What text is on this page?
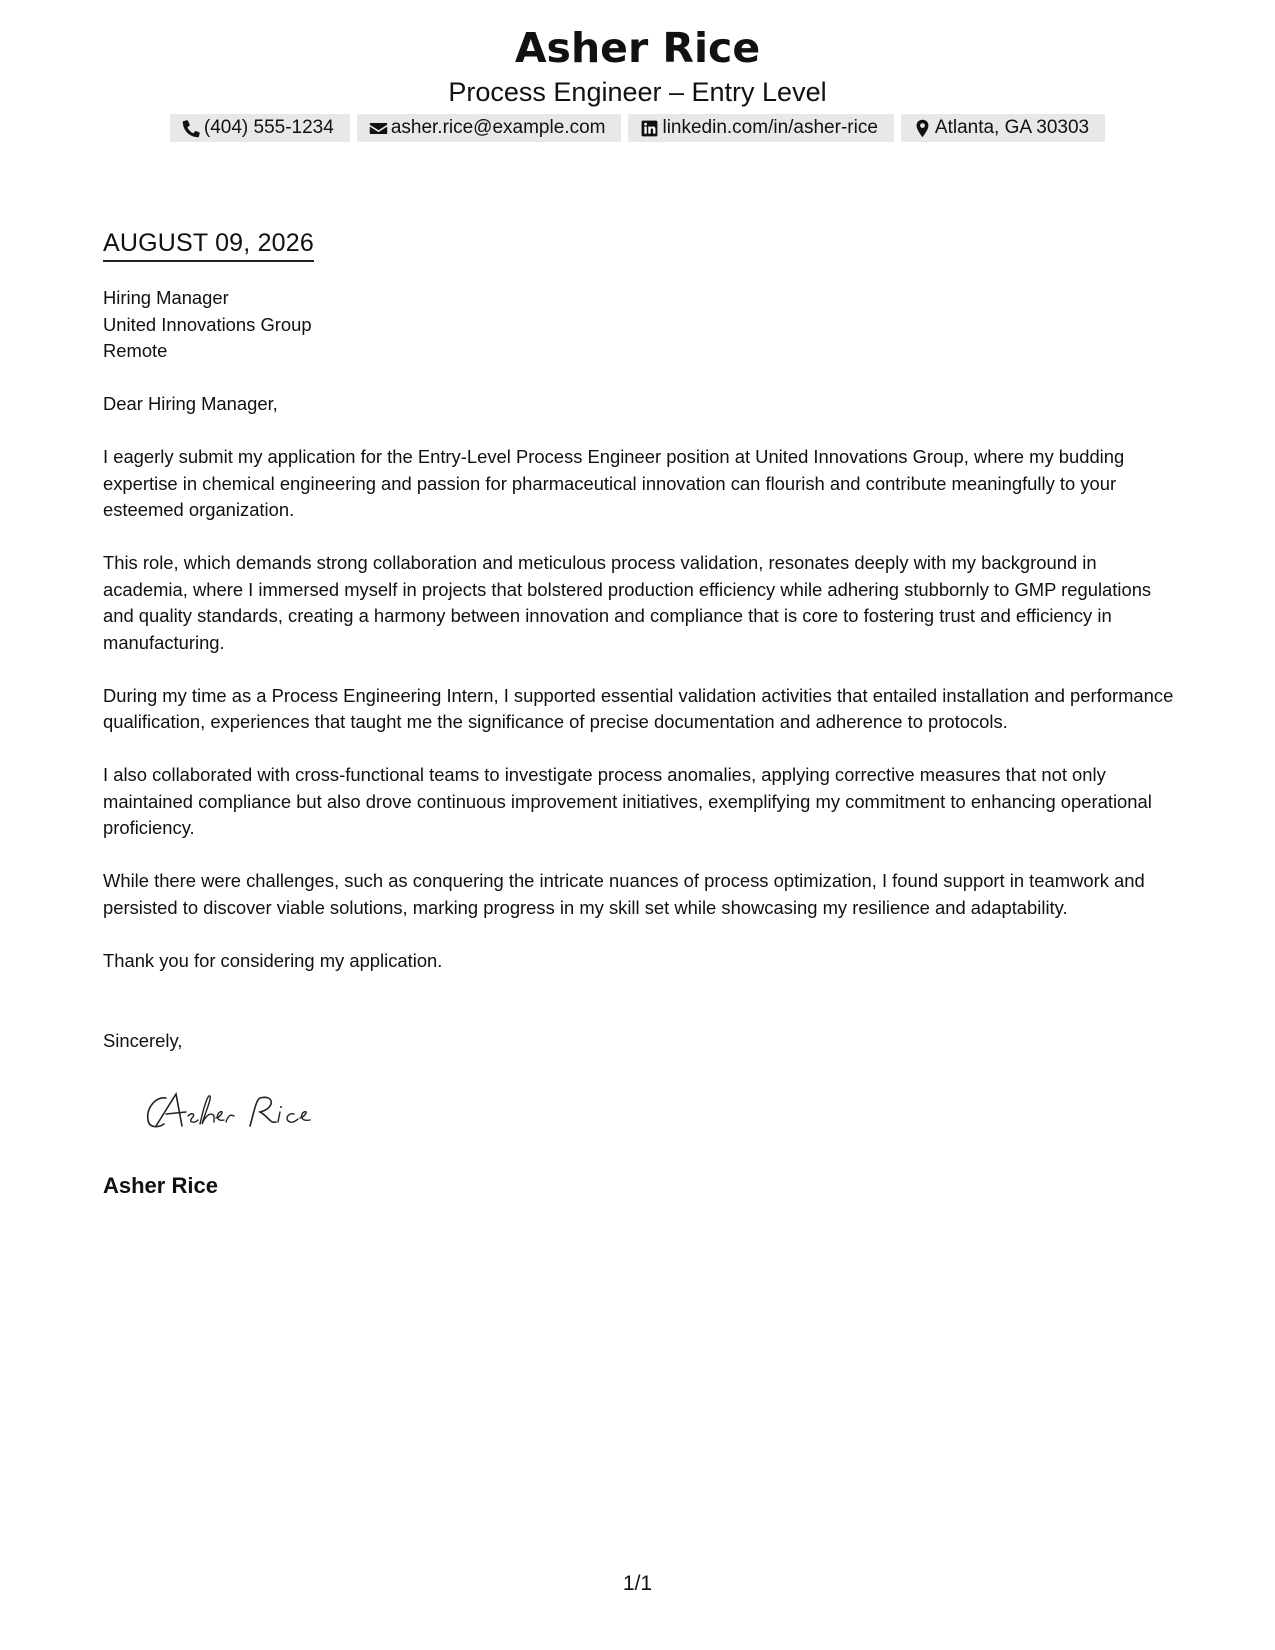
Asher Rice
Process Engineer – Entry Level
(404) 555-1234	asher.rice@example.com	linkedin.com/in/asher-rice	Atlanta, GA 30303
AUGUST 09, 2026
Hiring Manager
United Innovations Group
Remote

Dear Hiring Manager,

I eagerly submit my application for the Entry-Level Process Engineer position at United Innovations Group, where my budding expertise in chemical engineering and passion for pharmaceutical innovation can flourish and contribute meaningfully to your esteemed organization.

This role, which demands strong collaboration and meticulous process validation, resonates deeply with my background in academia, where I immersed myself in projects that bolstered production efficiency while adhering stubbornly to GMP regulations and quality standards, creating a harmony between innovation and compliance that is core to fostering trust and efficiency in manufacturing.

During my time as a Process Engineering Intern, I supported essential validation activities that entailed installation and performance qualification, experiences that taught me the significance of precise documentation and adherence to protocols.

I also collaborated with cross-functional teams to investigate process anomalies, applying corrective measures that not only maintained compliance but also drove continuous improvement initiatives, exemplifying my commitment to enhancing operational proficiency.

While there were challenges, such as conquering the intricate nuances of process optimization, I found support in teamwork and persisted to discover viable solutions, marking progress in my skill set while showcasing my resilience and adaptability.

Thank you for considering my application.

Sincerely,
Asher Rice
1/1
